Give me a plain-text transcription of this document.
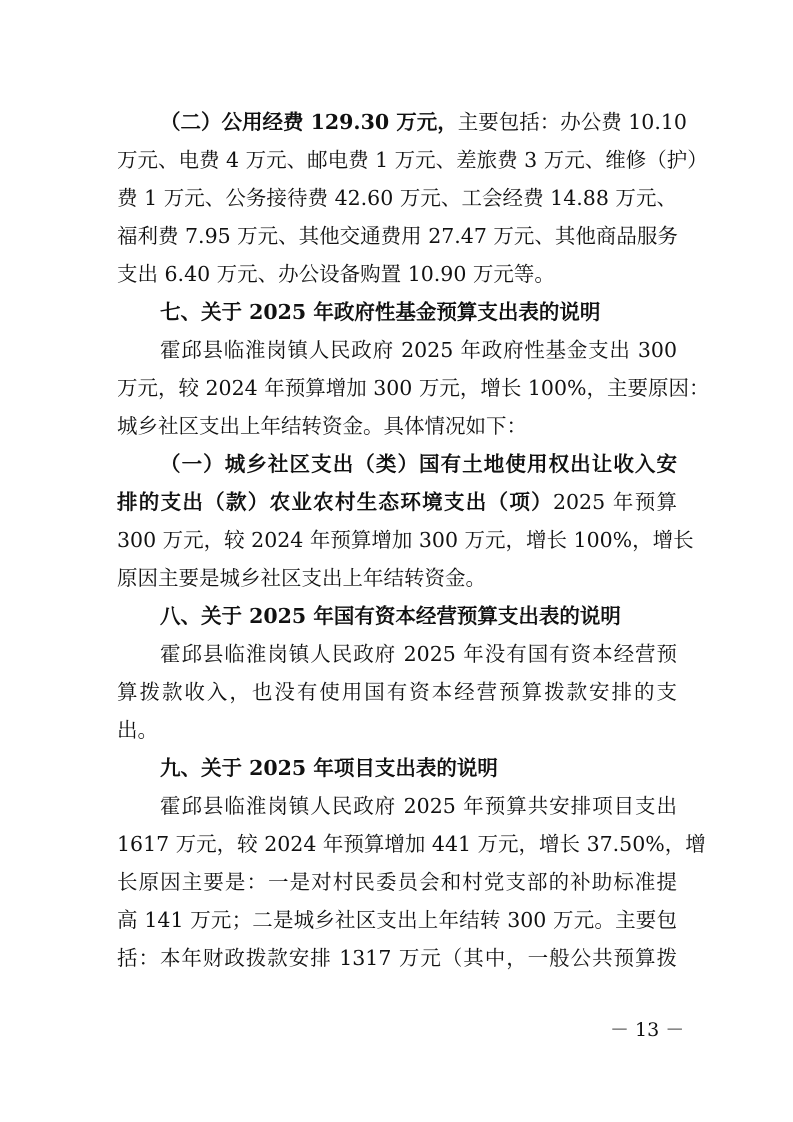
（二）公用经费 129.30 万元，主要包括：办公费 10.10
万元、电费 4 万元、邮电费 1 万元、差旅费 3 万元、维修（护）
费 1 万元、公务接待费 42.60 万元、工会经费 14.88 万元、
福利费 7.95 万元、其他交通费用 27.47 万元、其他商品服务
支出 6.40 万元、办公设备购置 10.90 万元等。
七、关于 2025 年政府性基金预算支出表的说明
霍邱县临淮岗镇人民政府 2025 年政府性基金支出 300
万元，较 2024 年预算增加 300 万元，增长 100%，主要原因：
城乡社区支出上年结转资金。具体情况如下：
（一）城乡社区支出（类）国有土地使用权出让收入安
排的支出（款）农业农村生态环境支出（项）2025 年预算
300 万元，较 2024 年预算增加 300 万元，增长 100%，增长
原因主要是城乡社区支出上年结转资金。
八、关于 2025 年国有资本经营预算支出表的说明
霍邱县临淮岗镇人民政府 2025 年没有国有资本经营预
算拨款收入，也没有使用国有资本经营预算拨款安排的支
出。
九、关于 2025 年项目支出表的说明
霍邱县临淮岗镇人民政府 2025 年预算共安排项目支出
1617 万元，较 2024 年预算增加 441 万元，增长 37.50%，增
长原因主要是：一是对村民委员会和村党支部的补助标准提
高 141 万元；二是城乡社区支出上年结转 300 万元。主要包
括：本年财政拨款安排 1317 万元（其中，一般公共预算拨
－ 13 －
